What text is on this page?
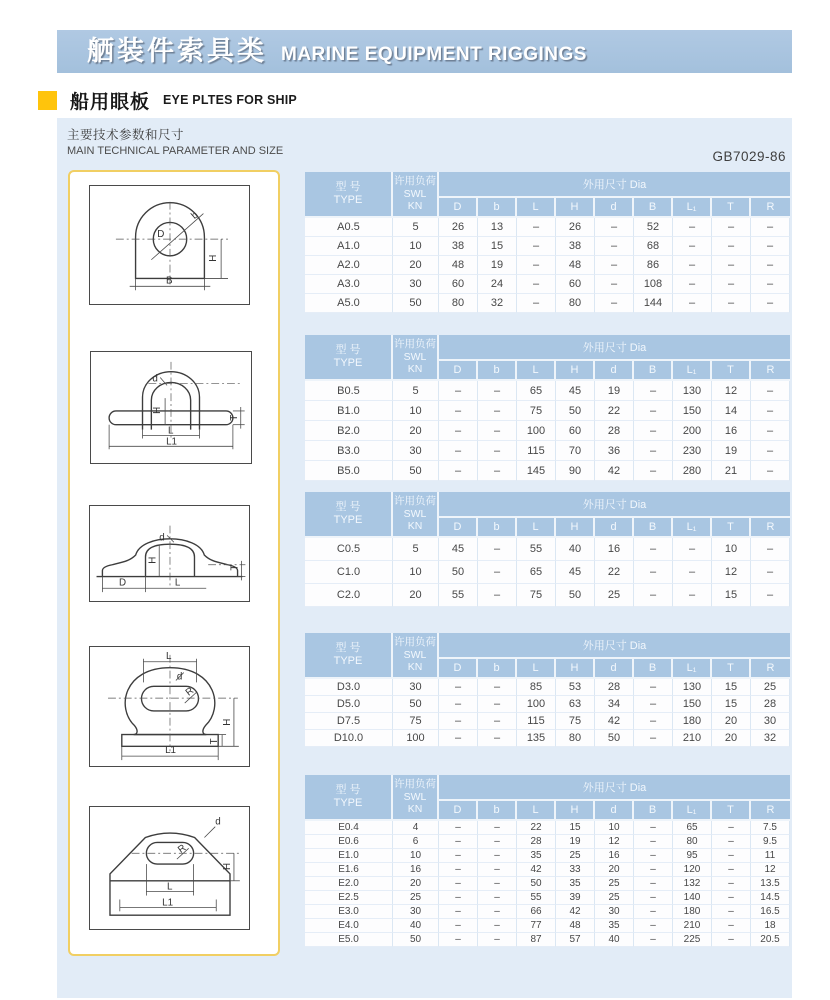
舾装件索具类 MARINE EQUIPMENT RIGGINGS
船用眼板 EYE PLTES FOR SHIP
主要技术参数和尺寸
MAIN TECHNICAL PARAMETER AND SIZE	GB7029-86
D
b
H
B
d
H
L
L1
T
d
H
D	L
T
L
d
R
H
L1
T
d
R
H
L
L1
型 号
TYPE
许用负荷
SWL
KN
外用尺寸 Dia
D	b	L	H	d	B	L₁	T	R
A0.5	5	26	13	–	26	–	52	–	–	–
A1.0	10	38	15	–	38	–	68	–	–	–
A2.0	20	48	19	–	48	–	86	–	–	–
A3.0	30	60	24	–	60	–	108	–	–	–
A5.0	50	80	32	–	80	–	144	–	–	–
型 号
TYPE
许用负荷
SWL
KN
外用尺寸 Dia
D	b	L	H	d	B	L₁	T	R
B0.5	5	–	–	65	45	19	–	130	12	–
B1.0	10	–	–	75	50	22	–	150	14	–
B2.0	20	–	–	100	60	28	–	200	16	–
B3.0	30	–	–	115	70	36	–	230	19	–
B5.0	50	–	–	145	90	42	–	280	21	–
型 号
TYPE
许用负荷
SWL
KN
外用尺寸 Dia
D	b	L	H	d	B	L₁	T	R
C0.5	5	45	–	55	40	16	–	–	10	–
C1.0	10	50	–	65	45	22	–	–	12	–
C2.0	20	55	–	75	50	25	–	–	15	–
型 号
TYPE
许用负荷
SWL
KN
外用尺寸 Dia
D	b	L	H	d	B	L₁	T	R
D3.0	30	–	–	85	53	28	–	130	15	25
D5.0	50	–	–	100	63	34	–	150	15	28
D7.5	75	–	–	115	75	42	–	180	20	30
D10.0	100	–	–	135	80	50	–	210	20	32
型 号
TYPE
许用负荷
SWL
KN
外用尺寸 Dia
D	b	L	H	d	B	L₁	T	R
E0.4	4	–	–	22	15	10	–	65	–	7.5
E0.6	6	–	–	28	19	12	–	80	–	9.5
E1.0	10	–	–	35	25	16	–	95	–	11
E1.6	16	–	–	42	33	20	–	120	–	12
E2.0	20	–	–	50	35	25	–	132	–	13.5
E2.5	25	–	–	55	39	25	–	140	–	14.5
E3.0	30	–	–	66	42	30	–	180	–	16.5
E4.0	40	–	–	77	48	35	–	210	–	18
E5.0	50	–	–	87	57	40	–	225	–	20.5
